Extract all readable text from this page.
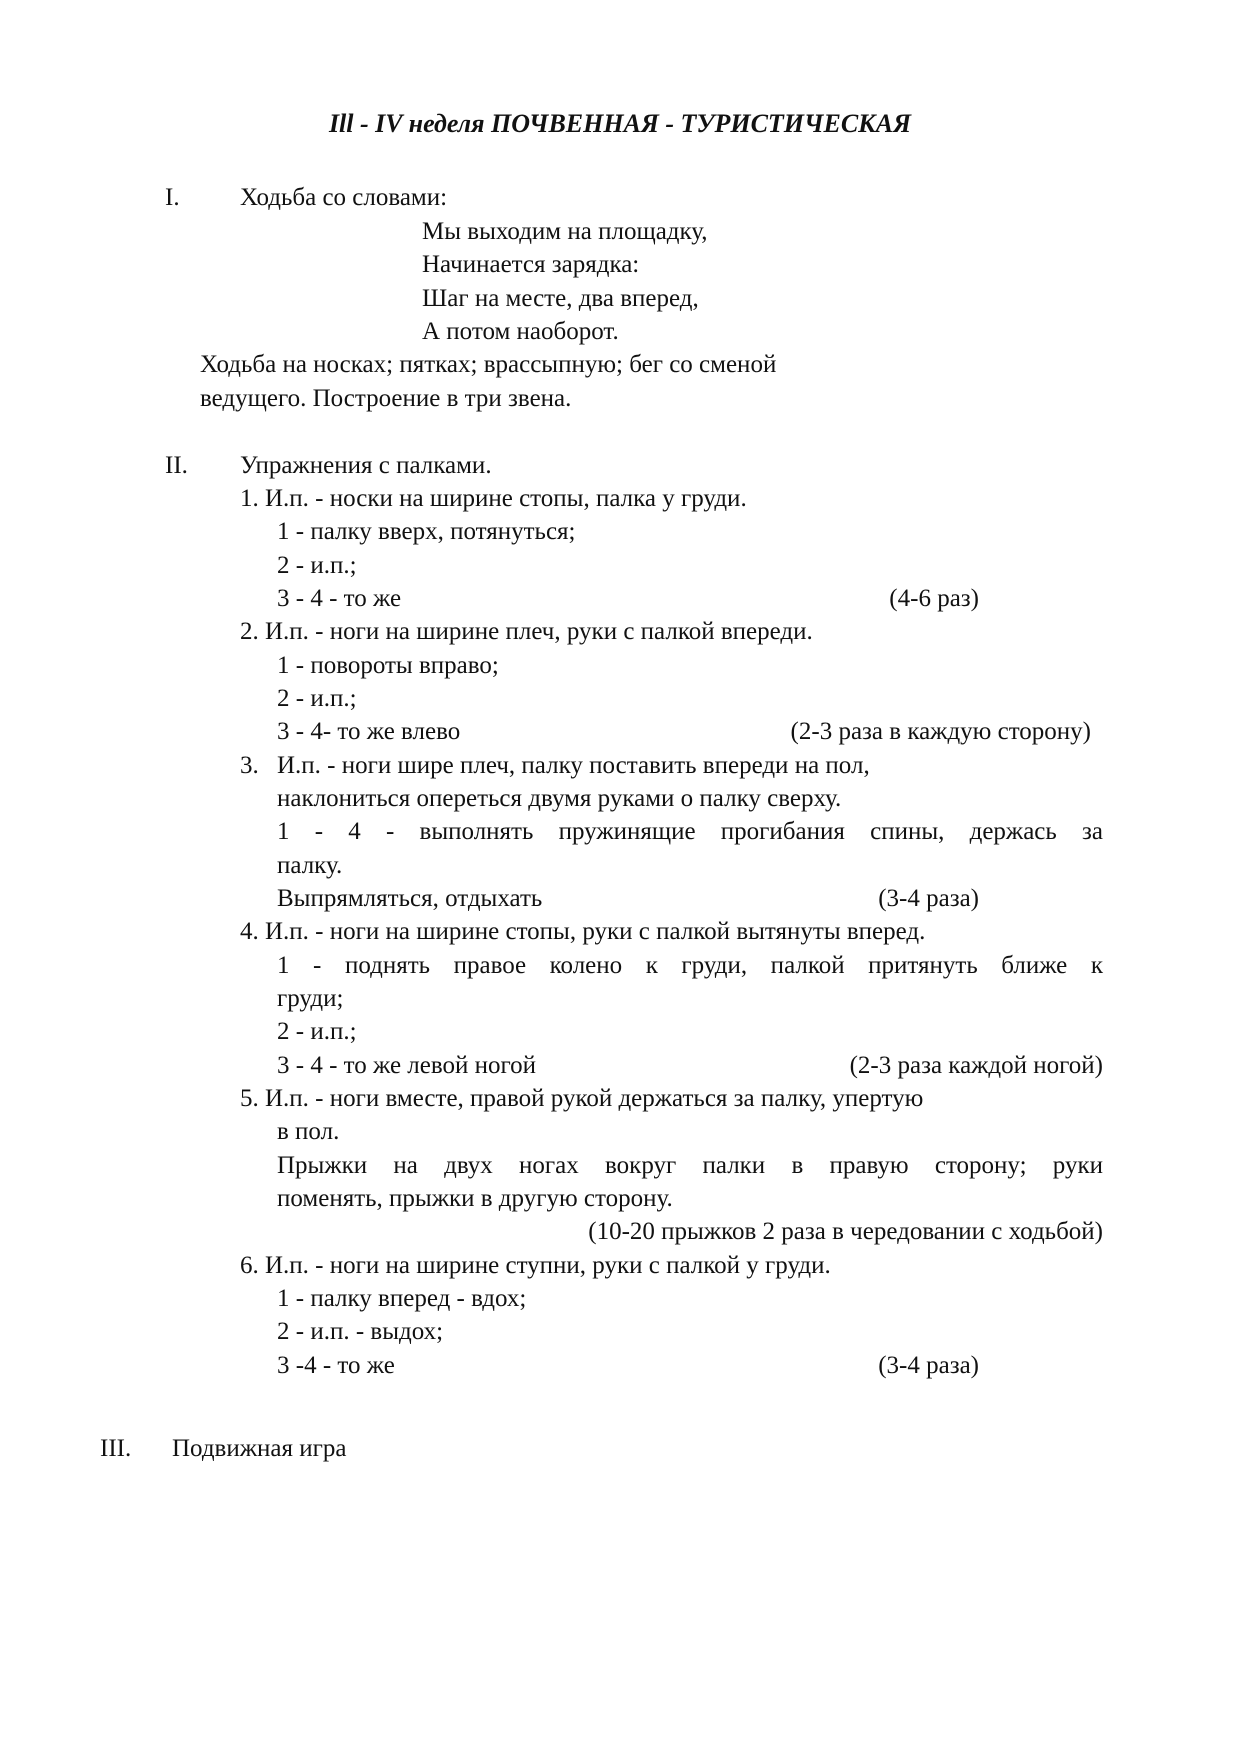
Ill - IV неделя ПОЧВЕННАЯ - ТУРИСТИЧЕСКАЯ
I. Ходьба со словами:
Мы выходим на площадку,
Начинается зарядка:
Шаг на месте, два вперед,
А потом наоборот.
Ходьба на носках; пятках; врассыпную; бег со сменой
ведущего. Построение в три звена.
II. Упражнения с палками.
1. И.п. - носки на ширине стопы, палка у груди.
1 - палку вверх, потянуться;
2 - и.п.;
3 - 4 - то же	(4-6 раз)
2. И.п. - ноги на ширине плеч, руки с палкой впереди.
1 - повороты вправо;
2 - и.п.;
3 - 4- то же влево	(2-3 раза в каждую сторону)
3. И.п. - ноги шире плеч, палку поставить впереди на пол,
наклониться опереться двумя руками о палку сверху.
1 - 4 - выполнять пружинящие прогибания спины, держась за
палку.
Выпрямляться, отдыхать	(3-4 раза)
4. И.п. - ноги на ширине стопы, руки с палкой вытянуты вперед.
1 - поднять правое колено к груди, палкой притянуть ближе к
груди;
2 - и.п.;
3 - 4 - то же левой ногой	(2-3 раза каждой ногой)
5. И.п. - ноги вместе, правой рукой держаться за палку, упертую
в пол.
Прыжки на двух ногах вокруг палки в правую сторону; руки
поменять, прыжки в другую сторону.
(10-20 прыжков 2 раза в чередовании с ходьбой)
6. И.п. - ноги на ширине ступни, руки с палкой у груди.
1 - палку вперед - вдох;
2 - и.п. - выдох;
3 -4 - то же	(3-4 раза)
III. Подвижная игра
